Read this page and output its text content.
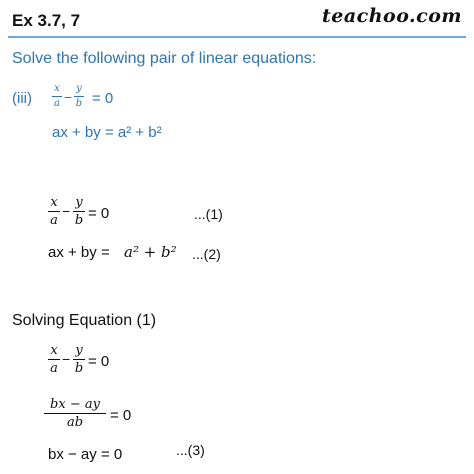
Ex 3.7, 7	teachoo.com
Solve the following pair of linear equations:
(iii)
x
a −
y
b = 0
ax + by = a² + b²
x
a
−
y
b = 0	...(1)
ax + by = a² + b² ...(2)
Solving Equation (1)
x
a
−
y
b = 0
bx − ay
ab	= 0
bx − ay = 0	...(3)
